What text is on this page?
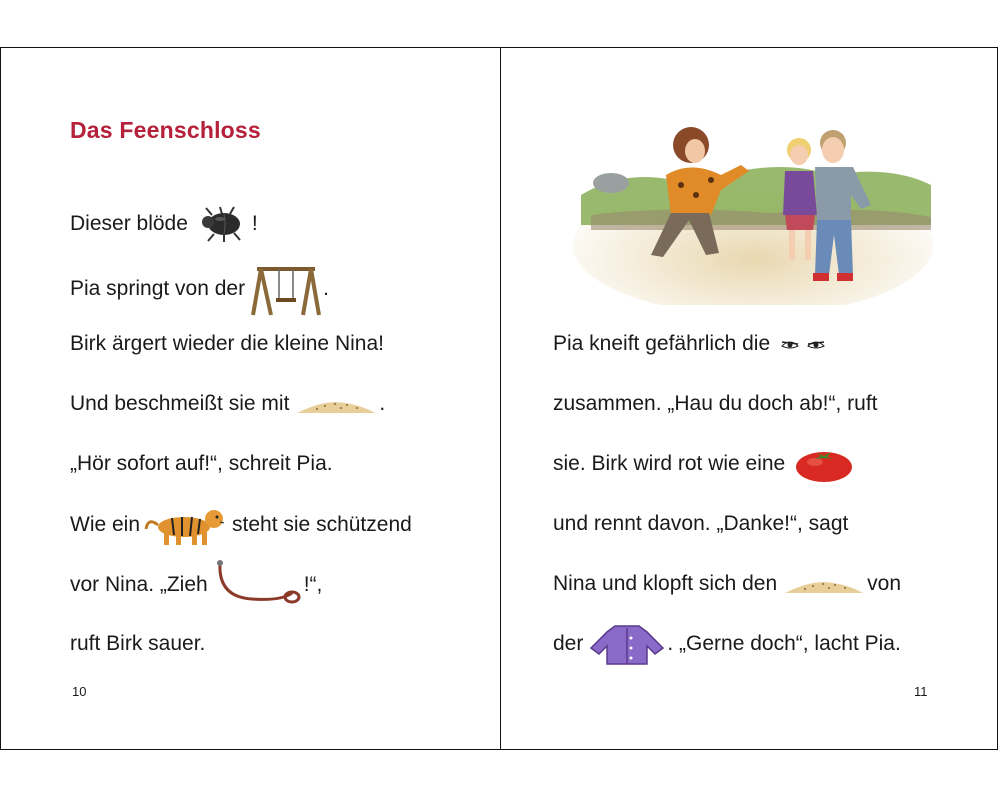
Das Feenschloss
Dieser blöde	!
Pia springt von der	.
Birk ärgert wieder die kleine Nina!
Und beschmeißt sie mit	.
„Hör sofort auf!“, schreit Pia.
Wie ein	steht sie schützend
vor Nina. „Zieh	!“,
ruft Birk sauer.
10
Pia kneift gefährlich die
zusammen. „Hau du doch ab!“, ruft
sie. Birk wird rot wie eine
und rennt davon. „Danke!“, sagt
Nina und klopft sich den	von
der	. „Gerne doch“, lacht Pia.
11
